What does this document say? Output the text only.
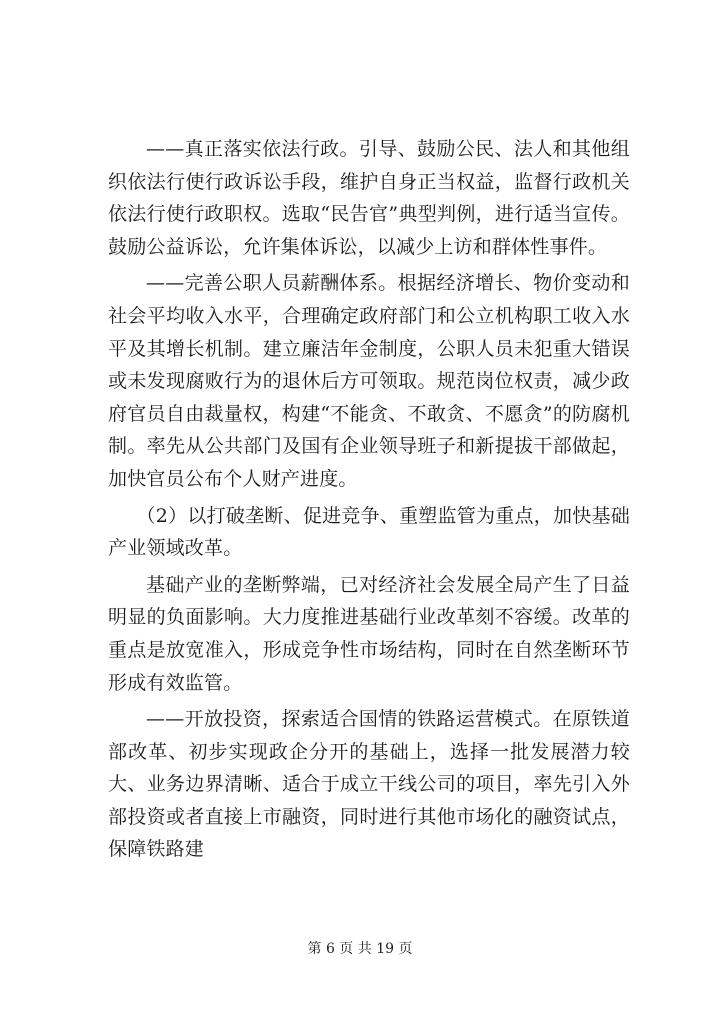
——真正落实依法行政。引导、鼓励公民、法人和其他组织依法行使行政诉讼手段，维护自身正当权益，监督行政机关依法行使行政职权。选取“民告官”典型判例，进行适当宣传。鼓励公益诉讼，允许集体诉讼，以减少上访和群体性事件。

——完善公职人员薪酬体系。根据经济增长、物价变动和社会平均收入水平，合理确定政府部门和公立机构职工收入水平及其增长机制。建立廉洁年金制度，公职人员未犯重大错误或未发现腐败行为的退休后方可领取。规范岗位权责，减少政府官员自由裁量权，构建“不能贪、不敢贪、不愿贪”的防腐机制。率先从公共部门及国有企业领导班子和新提拔干部做起，加快官员公布个人财产进度。

（2）以打破垄断、促进竞争、重塑监管为重点，加快基础产业领域改革。

基础产业的垄断弊端，已对经济社会发展全局产生了日益明显的负面影响。大力度推进基础行业改革刻不容缓。改革的重点是放宽准入，形成竞争性市场结构，同时在自然垄断环节形成有效监管。

——开放投资，探索适合国情的铁路运营模式。在原铁道部改革、初步实现政企分开的基础上，选择一批发展潜力较大、业务边界清晰、适合于成立干线公司的项目，率先引入外部投资或者直接上市融资，同时进行其他市场化的融资试点，保障铁路建

第 6 页 共 19 页
